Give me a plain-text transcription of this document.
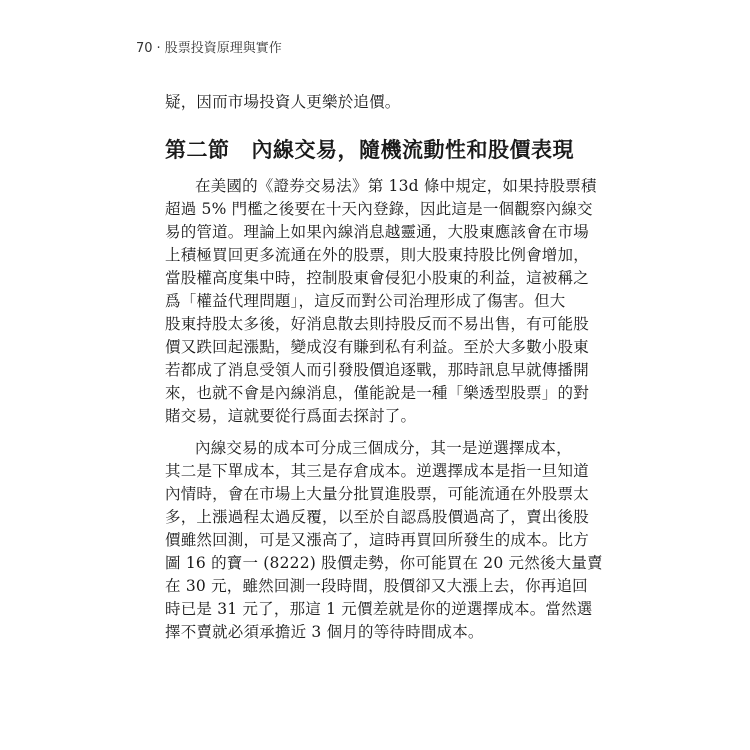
70 · 股票投資原理與實作
疑，因而市場投資人更樂於追價。
第二節 內線交易，隨機流動性和股價表現
在美國的《證券交易法》第 13d 條中規定，如果持股票積
超過 5% 門檻之後要在十天內登錄，因此這是一個觀察內線交
易的管道。理論上如果內線消息越靈通，大股東應該會在市場
上積極買回更多流通在外的股票，則大股東持股比例會增加，
當股權高度集中時，控制股東會侵犯小股東的利益，這被稱之
爲「權益代理問題」，這反而對公司治理形成了傷害。但大
股東持股太多後，好消息散去則持股反而不易出售，有可能股
價又跌回起漲點，變成沒有賺到私有利益。至於大多數小股東
若都成了消息受領人而引發股價追逐戰，那時訊息早就傳播開
來，也就不會是內線消息，僅能說是一種「樂透型股票」的對
賭交易，這就要從行爲面去探討了。
內線交易的成本可分成三個成分，其一是逆選擇成本，
其二是下單成本，其三是存倉成本。逆選擇成本是指一旦知道
內情時，會在市場上大量分批買進股票，可能流通在外股票太
多，上漲過程太過反覆，以至於自認爲股價過高了，賣出後股
價雖然回測，可是又漲高了，這時再買回所發生的成本。比方
圖 16 的寶一 (8222) 股價走勢，你可能買在 20 元然後大量賣
在 30 元，雖然回測一段時間，股價卻又大漲上去，你再追回
時已是 31 元了，那這 1 元價差就是你的逆選擇成本。當然選
擇不賣就必須承擔近 3 個月的等待時間成本。
